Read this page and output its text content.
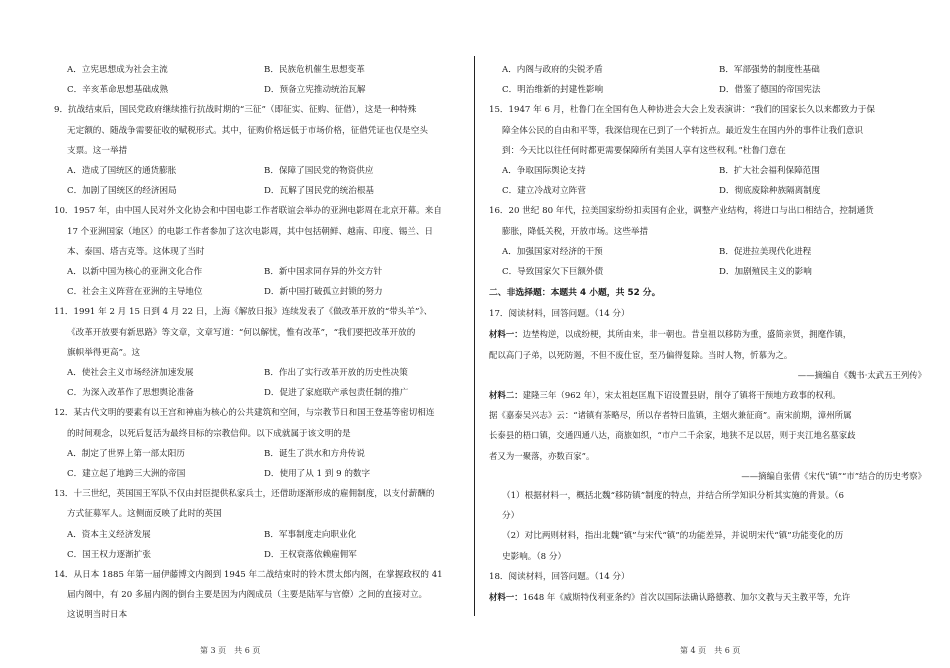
A．立宪思想成为社会主流	B．民族危机催生思想变革
C．辛亥革命思想基础成熟	D．预备立宪推动统治瓦解
9．抗战结束后，国民党政府继续推行抗战时期的“三征”（即征实、征购、征借），这是一种特殊
无定额的、随战争需要征收的赋税形式。其中，征购价格远低于市场价格，征借凭证也仅是空头
支票。这一举措
A．造成了国统区的通货膨胀	B．保障了国民党的物资供应
C．加剧了国统区的经济困局	D．瓦解了国民党的统治根基
10．1957 年，由中国人民对外文化协会和中国电影工作者联谊会举办的亚洲电影周在北京开幕。来自
17 个亚洲国家（地区）的电影工作者参加了这次电影周，其中包括朝鲜、越南、印度、锡兰、日
本、泰国、塔吉克等。这体现了当时
A．以新中国为核心的亚洲文化合作	B．新中国求同存异的外交方针
C．社会主义阵营在亚洲的主导地位	D．新中国打破孤立封锁的努力
11．1991 年 2 月 15 日到 4 月 22 日，上海《解放日报》连续发表了《做改革开放的“带头羊”》、
《改革开放要有新思路》等文章，文章写道：“何以解忧，惟有改革”，“我们要把改革开放的
旗帜举得更高”。这
A．使社会主义市场经济加速发展	B．作出了实行改革开放的历史性决策
C．为深入改革作了思想舆论准备	D．促进了家庭联产承包责任制的推广
12．某古代文明的要素有以王宫和神庙为核心的公共建筑和空间，与宗教节日和国王登基等密切相连
的时间观念，以死后复活为最终目标的宗教信仰。以下成就属于该文明的是
A．制定了世界上第一部太阳历	B．诞生了洪水和方舟传说
C．建立起了地跨三大洲的帝国	D．使用了从 1 到 9 的数字
13．十三世纪，英国国王军队不仅由封臣提供私家兵士，还借助逐渐形成的雇佣制度，以支付薪酬的
方式征募军人。这侧面反映了此时的英国
A．资本主义经济发展	B．军事制度走向职业化
C．国王权力逐渐扩张	D．王权衰落依赖雇佣军
14．从日本 1885 年第一届伊藤博文内阁到 1945 年二战结束时的铃木贯太郎内阁，在掌握政权的 41
届内阁中，有 20 多届内阁的倒台主要是因为内阁成员（主要是陆军与官僚）之间的直接对立。
这说明当时日本
A．内阁与政府的尖锐矛盾	B．军部强势的制度性基础
C．明治维新的封建性影响	D．借鉴了德国的帝国宪法
15．1947 年 6 月，杜鲁门在全国有色人种协进会大会上发表演讲：“我们的国家长久以来都致力于保
障全体公民的自由和平等，我深信现在已到了一个转折点。最近发生在国内外的事件让我们意识
到：今天比以往任何时都更需要保障所有美国人享有这些权利。”杜鲁门意在
A．争取国际舆论支持	B．扩大社会福利保障范围
C．建立冷战对立阵营	D．彻底废除种族隔离制度
16．20 世纪 80 年代，拉美国家纷纷扣卖国有企业，调整产业结构，将进口与出口相结合，控制通货
膨胀，降低关税，开放市场。这些举措
A．加强国家对经济的干预	B．促进拉美现代化进程
C．导致国家欠下巨额外债	D．加剧殖民主义的影响
二、非选择题：本题共 4 小题，共 52 分。
17．阅读材料，回答问题。（14 分）
材料一：边埜构逆，以成纷梗，其所由来，非一朝也。昔皇祖以移防为重，盛简亲贤，拥麾作镇，
配以高门子弟，以死防遏，不但不废仕宦，至乃偏得复除。当时人物，忻慕为之。
——摘编自《魏书·太武五王列传》
材料二：建隆三年（962 年），宋太祖赵匡胤下诏设置县尉，削夺了镇将干预地方政事的权利。
据《嘉泰吴兴志》云：“诸镇有茶略尽，所以存者特曰监镇，主烟火兼征商”。南宋前期，漳州所属
长泰县的梧口镇，交通四通八达，商旅如织，“市户二千余家，地狭不足以居，则于夹江地名墓家歧
者又为一聚落，亦数百家”。
——摘编自张倩《宋代“镇”“市”结合的历史考察》
（1）根据材料一，概括北魏“移防镇”制度的特点，并结合所学知识分析其实施的背景。（6
分）
（2）对比两则材料，指出北魏“镇”与宋代“镇”的功能差异，并说明宋代“镇”功能变化的历
史影响。（8 分）
18．阅读材料，回答问题。（14 分）
材料一：1648 年《威斯特伐利亚条约》首次以国际法确认路德教、加尔文教与天主教平等，允许
第 3 页　共 6 页	第 4 页　共 6 页
